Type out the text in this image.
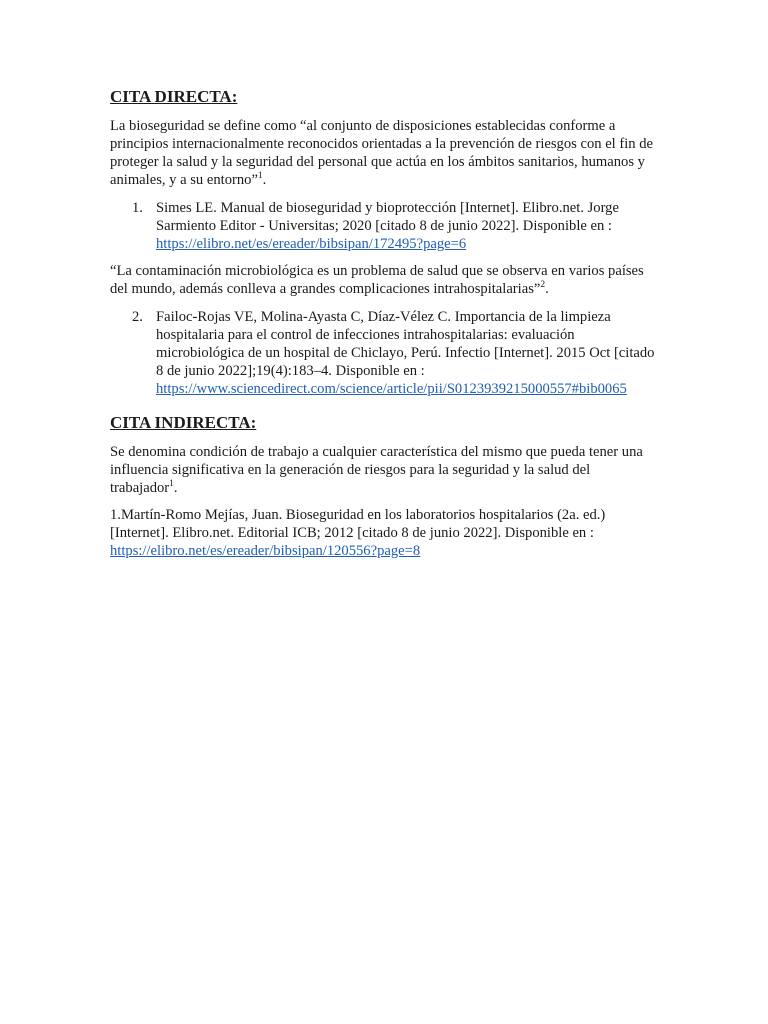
CITA DIRECTA:

La bioseguridad se define como “al conjunto de disposiciones establecidas conforme a principios internacionalmente reconocidos orientadas a la prevención de riesgos con el fin de proteger la salud y la seguridad del personal que actúa en los ámbitos sanitarios, humanos y animales, y a su entorno”$^1$.

1. Simes LE. Manual de bioseguridad y bioprotección [Internet]. Elibro.net. Jorge Sarmiento Editor - Universitas; 2020 [citado 8 de junio 2022]. Disponible en :
https://elibro.net/es/ereader/bibsipan/172495?page=6

“La contaminación microbiológica es un problema de salud que se observa en varios países del mundo, además conlleva a grandes complicaciones intrahospitalarias”$^2$.

2. Failoc-Rojas VE, Molina-Ayasta C, Díaz-Vélez C. Importancia de la limpieza hospitalaria para el control de infecciones intrahospitalarias: evaluación microbiológica de un hospital de Chiclayo, Perú. Infectio [Internet]. 2015 Oct [citado 8 de junio 2022];19(4):183–4. Disponible en :
https://www.sciencedirect.com/science/article/pii/S0123939215000557#bib0065
CITA INDIRECTA:

Se denomina condición de trabajo a cualquier característica del mismo que pueda tener una influencia significativa en la generación de riesgos para la seguridad y la salud del trabajador$^1$.

1.Martín-Romo Mejías, Juan. Bioseguridad en los laboratorios hospitalarios (2a. ed.) [Internet]. Elibro.net. Editorial ICB; 2012 [citado 8 de junio 2022]. Disponible en :
https://elibro.net/es/ereader/bibsipan/120556?page=8
